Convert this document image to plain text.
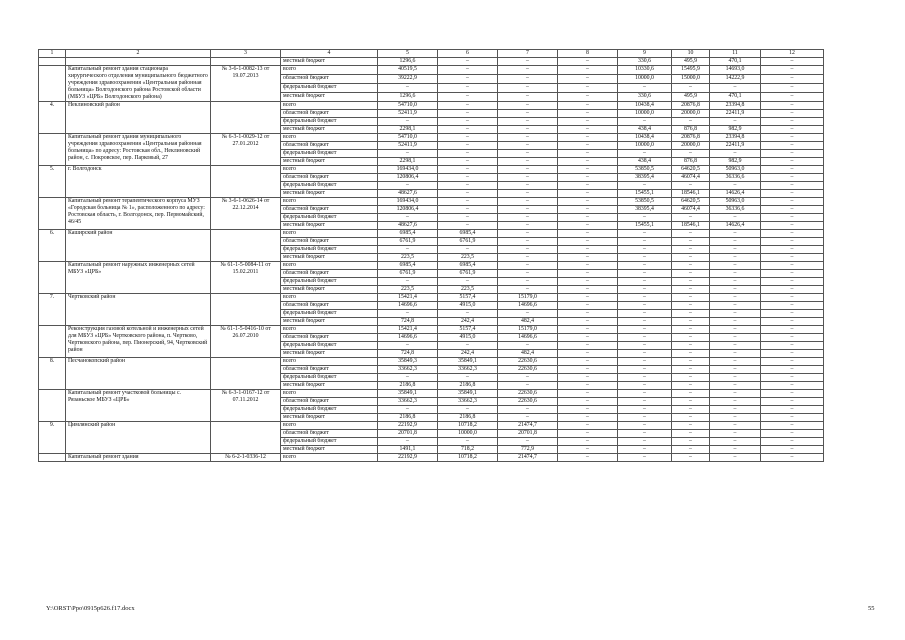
1	2	3	4	5	6	7	8	9	10	11	12
			местный бюджет	1296,6	–	–	–	330,6	495,9	470,1	–
	Капитальный ремонт здания стационара хирургического отделения муниципального бюджетного учреждения здравоохранения «Центральная районная больница» Волгодонского района Ростовской области (МБУЗ «ЦРБ» Волгодонского района)	№ 3-6-1-0082-13 от 19.07.2013	всего	40519,5	–	–	–	10330,6	15495,9	14693,0	–
			областной бюджет	39222,9	–	–	–	10000,0	15000,0	14222,9	–
			федеральный бюджет	–	–	–	–	–	–	–	–
			местный бюджет	1296,6	–	–	–	330,6	495,9	470,1	–
4.	Неклиновский район		всего	54710,0	–	–	–	10438,4	20876,8	23394,8	–
			областной бюджет	52411,9	–	–	–	10000,0	20000,0	22411,9	–
			федеральный бюджет	–	–	–	–	–	–	–	–
			местный бюджет	2298,1	–	–	–	438,4	876,8	982,9	–
	Капитальный ремонт здания муниципального учреждения здравоохранения «Центральная районная больница» по адресу: Ростовская обл., Неклиновский район, с. Покровское, пер. Парковый, 27	№ 6-3-1-0029-12 от 27.01.2012	всего	54710,0	–	–	–	10438,4	20876,8	23394,8	–
			областной бюджет	52411,9	–	–	–	10000,0	20000,0	22411,9	–
			федеральный бюджет	–	–	–	–	–	–	–	–
			местный бюджет	2298,1	–	–	–	438,4	876,8	982,9	–
5.	г. Волгодонск		всего	169434,0	–	–	–	53850,5	64620,5	50963,0	–
			областной бюджет	120806,4	–	–	–	38395,4	46074,4	36336,6	–
			федеральный бюджет	–	–	–	–	–	–	–	–
			местный бюджет	48627,6	–	–	–	15455,1	18546,1	14626,4	–
	Капитальный ремонт терапевтического корпуса МУЗ «Городская больница № 1», расположенного по адресу: Ростовская область, г. Волгодонск, пер. Первомайский, 46/45	№ 3-6-1-0626-14 от 22.12.2014	всего	169434,0	–	–	–	53850,5	64620,5	50963,0	–
			областной бюджет	120806,4	–	–	–	38395,4	46074,4	36336,6	–
			федеральный бюджет	–	–	–	–	–	–	–	–
			местный бюджет	48627,6	–	–	–	15455,1	18546,1	14626,4	–
6.	Каширский район		всего	6985,4	6985,4	–	–	–	–	–	–
			областной бюджет	6761,9	6761,9	–	–	–	–	–	–
			федеральный бюджет	–	–	–	–	–	–	–	–
			местный бюджет	223,5	223,5	–	–	–	–	–	–
	Капитальный ремонт наружных инженерных сетей МБУЗ «ЦРБ»	№ 61-1-5-0084-11 от 15.02.2011	всего	6985,4	6985,4	–	–	–	–	–	–
			областной бюджет	6761,9	6761,9	–	–	–	–	–	–
			федеральный бюджет	–	–	–	–	–	–	–	–
			местный бюджет	223,5	223,5	–	–	–	–	–	–
7.	Чертковский район		всего	15421,4	5157,4	15179,0	–	–	–	–	–
			областной бюджет	14696,6	4915,0	14696,6	–	–	–	–	–
			федеральный бюджет	–	–	–	–	–	–	–	–
			местный бюджет	724,8	242,4	482,4	–	–	–	–	–
	Реконструкция газовой котельной и инженерных сетей для МБУЗ «ЦРБ» Чертковского района, п. Чертково, Чертковского района, пер. Пионерский, 94, Чертковский район	№ 61-1-5-0416-10 от 26.07.2010	всего	15421,4	5157,4	15179,0	–	–	–	–	–
			областной бюджет	14696,6	4915,0	14696,6	–	–	–	–	–
			федеральный бюджет	–	–	–	–	–	–	–	–
			местный бюджет	724,8	242,4	482,4	–	–	–	–	–
8.	Песчанокопский район		всего	35849,3	35849,1	22630,6	–	–	–	–	–
			областной бюджет	33662,3	33662,3	22630,6	–	–	–	–	–
			федеральный бюджет	–	–	–	–	–	–	–	–
			местный бюджет	2186,8	2186,8	–	–	–	–	–	–
	Капитальный ремонт участковой больницы с. Рязаньское МБУЗ «ЦРБ»	№ 6-3-1-0167-12 от 07.11.2012	всего	35849,1	35849,1	22630,6	–	–	–	–	–
			областной бюджет	33662,3	33662,3	22630,6	–	–	–	–	–
			федеральный бюджет	–	–	–	–	–	–	–	–
			местный бюджет	2186,8	2186,8	–	–	–	–	–	–
9.	Цимлянский район		всего	22192,9	10718,2	21474,7	–	–	–	–	–
			областной бюджет	20701,8	10000,0	20701,8	–	–	–	–	–
			федеральный бюджет	–	–	–	–	–	–	–	–
			местный бюджет	1491,1	718,2	772,9	–	–	–	–	–
	Капитальный ремонт здания	№ 6-2-1-0336-12	всего	22192,9	10718,2	21474,7	–	–	–	–	–
Y:\ORST\Ppo\0915p626.f17.docx	55
